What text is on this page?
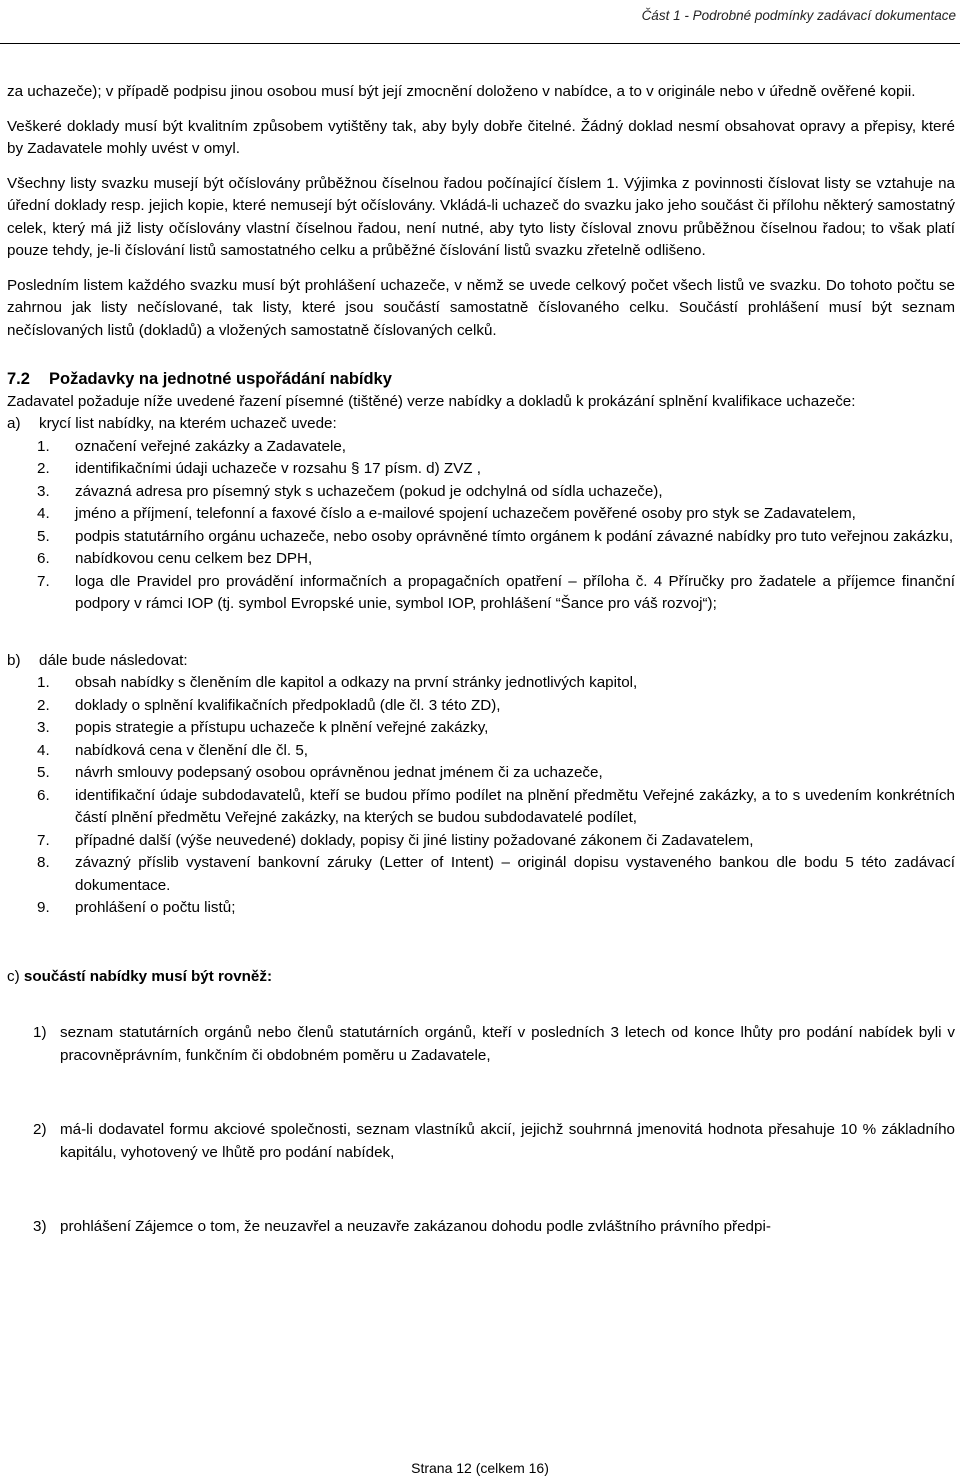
Část 1 - Podrobné podmínky zadávací dokumentace

za uchazeče); v případě podpisu jinou osobou musí být její zmocnění doloženo v nabídce, a to v originále nebo v úředně ověřené kopii.

Veškeré doklady musí být kvalitním způsobem vytištěny tak, aby byly dobře čitelné. Žádný doklad nesmí obsahovat opravy a přepisy, které by Zadavatele mohly uvést v omyl.

Všechny listy svazku musejí být očíslovány průběžnou číselnou řadou počínající číslem 1. Výjimka z povinnosti číslovat listy se vztahuje na úřední doklady resp. jejich kopie, které nemusejí být očíslovány. Vkládá-li uchazeč do svazku jako jeho součást či přílohu některý samostatný celek, který má již listy očíslovány vlastní číselnou řadou, není nutné, aby tyto listy čísloval znovu průběžnou číselnou řadou; to však platí pouze tehdy, je-li číslování listů samostatného celku a průběžné číslování listů svazku zřetelně odlišeno.

Posledním listem každého svazku musí být prohlášení uchazeče, v němž se uvede celkový počet všech listů ve svazku. Do tohoto počtu se zahrnou jak listy nečíslované, tak listy, které jsou součástí samostatně číslovaného celku. Součástí prohlášení musí být seznam nečíslovaných listů (dokladů) a vložených samostatně číslovaných celků.

7.2 Požadavky na jednotné uspořádání nabídky

Zadavatel požaduje níže uvedené řazení písemné (tištěné) verze nabídky a dokladů k prokázání splnění kvalifikace uchazeče:

a)	krycí list nabídky, na kterém uchazeč uvede:
1.	označení veřejné zakázky a Zadavatele,
2.	identifikačními údaji uchazeče v rozsahu § 17 písm. d) ZVZ ,
3.	závazná adresa pro písemný styk s uchazečem (pokud je odchylná od sídla uchazeče),
4.	jméno a příjmení, telefonní a faxové číslo a e-mailové spojení uchazečem pověřené osoby pro styk se Zadavatelem,
5.	podpis statutárního orgánu uchazeče, nebo osoby oprávněné tímto orgánem k podání závazné nabídky pro tuto veřejnou zakázku,
6.	nabídkovou cenu celkem bez DPH,
7.	loga dle Pravidel pro provádění informačních a propagačních opatření – příloha č. 4 Příručky pro žadatele a příjemce finanční podpory v rámci IOP (tj. symbol Evropské unie, symbol IOP, prohlášení “Šance pro váš rozvoj“);
b)	dále bude následovat:
1.	obsah nabídky s členěním dle kapitol a odkazy na první stránky jednotlivých kapitol,
2.	doklady o splnění kvalifikačních předpokladů (dle čl. 3 této ZD),
3.	popis strategie a přístupu uchazeče k plnění veřejné zakázky,
4.	nabídková cena v členění dle čl. 5,
5.	návrh smlouvy podepsaný osobou oprávněnou jednat jménem či za uchazeče,
6.	identifikační údaje subdodavatelů, kteří se budou přímo podílet na plnění předmětu Veřejné zakázky, a to s uvedením konkrétních částí plnění předmětu Veřejné zakázky, na kterých se budou subdodavatelé podílet,
7.	případné další (výše neuvedené) doklady, popisy či jiné listiny požadované zákonem či Zadavatelem,
8.	závazný příslib vystavení bankovní záruky (Letter of Intent) – originál dopisu vystaveného bankou dle bodu 5 této zadávací dokumentace.
9.	prohlášení o počtu listů;
c) součástí nabídky musí být rovněž:
1) seznam statutárních orgánů nebo členů statutárních orgánů, kteří v posledních 3 letech od konce lhůty pro podání nabídek byli v pracovněprávním, funkčním či obdobném poměru u Zadavatele,
2) má-li dodavatel formu akciové společnosti, seznam vlastníků akcií, jejichž souhrnná jmenovitá hodnota přesahuje 10 % základního kapitálu, vyhotovený ve lhůtě pro podání nabídek,
3) prohlášení Zájemce o tom, že neuzavřel a neuzavře zakázanou dohodu podle zvláštního právního předpi-
Strana 12 (celkem 16)
